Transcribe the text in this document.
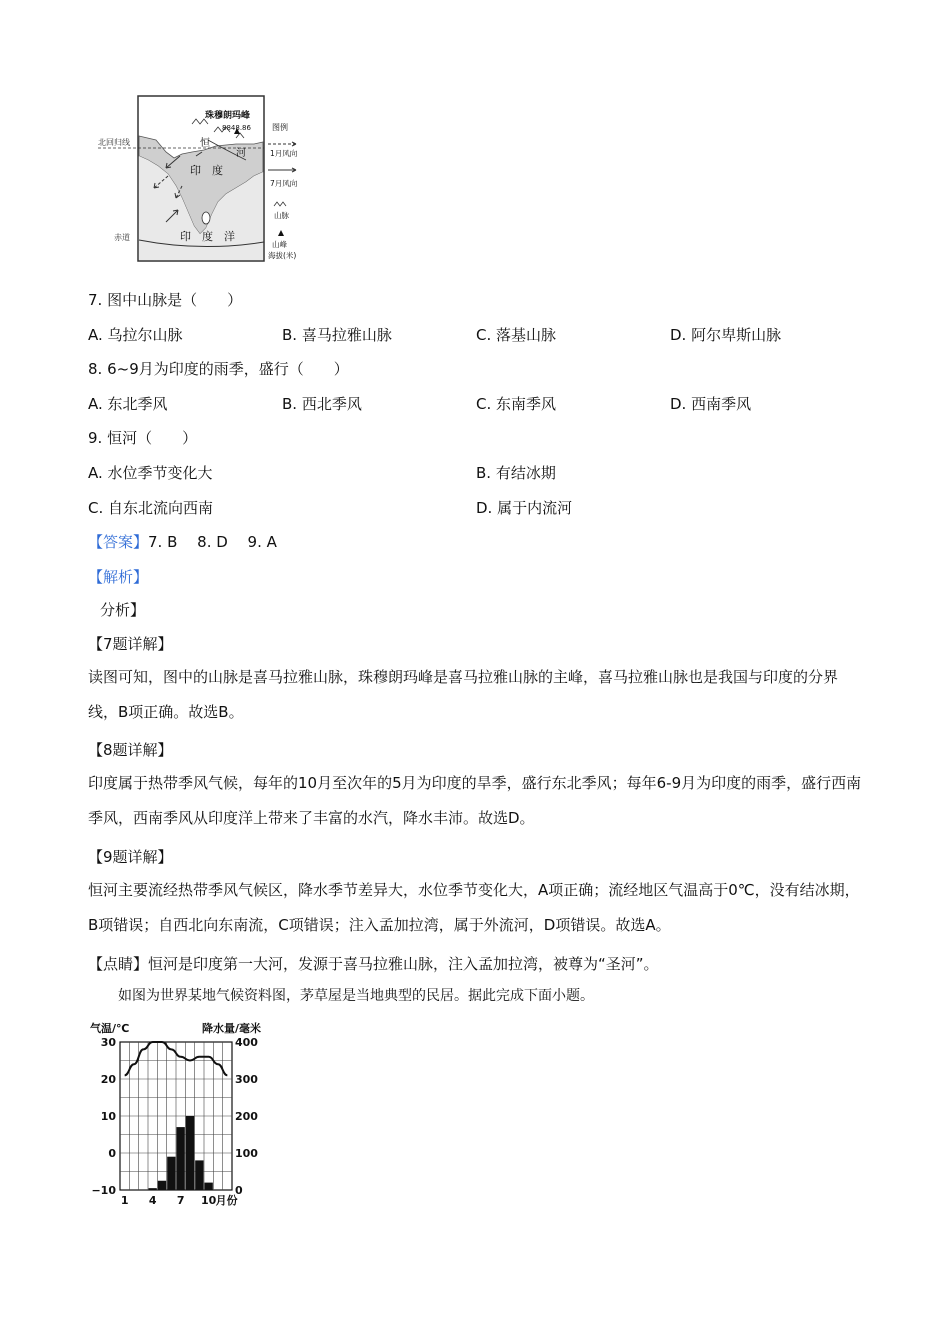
北回归线
赤道
珠穆朗玛峰
8848.86
恒
河
印 度
印 度 洋
图例
1月风向
7月风向
山脉
山峰
海拔(米)
7. 图中山脉是（　　）
A. 乌拉尔山脉	B. 喜马拉雅山脉	C. 落基山脉	D. 阿尔卑斯山脉
8. 6~9月为印度的雨季，盛行（　　）
A. 东北季风	B. 西北季风	C. 东南季风	D. 西南季风
9. 恒河（　　）
A. 水位季节变化大	B. 有结冰期
C. 自东北流向西南	D. 属于内流河
【答案】7. B　 8. D　 9. A
【解析】
分析】
【7题详解】
读图可知，图中的山脉是喜马拉雅山脉，珠穆朗玛峰是喜马拉雅山脉的主峰，喜马拉雅山脉也是我国与印度的分界线，B项正确。故选B。
【8题详解】
印度属于热带季风气候，每年的10月至次年的5月为印度的旱季，盛行东北季风；每年6-9月为印度的雨季，盛行西南季风，西南季风从印度洋上带来了丰富的水汽，降水丰沛。故选D。
【9题详解】
恒河主要流经热带季风气候区，降水季节差异大，水位季节变化大，A项正确；流经地区气温高于0℃，没有结冰期，B项错误；自西北向东南流，C项错误；注入孟加拉湾，属于外流河，D项错误。故选A。
【点睛】恒河是印度第一大河，发源于喜马拉雅山脉，注入孟加拉湾，被尊为“圣河”。
如图为世界某地气候资料图，茅草屋是当地典型的民居。据此完成下面小题。
气温/℃	降水量/毫米
30
20
10
0
−10
400
300
200
100
0
1 4 7 10 月份
